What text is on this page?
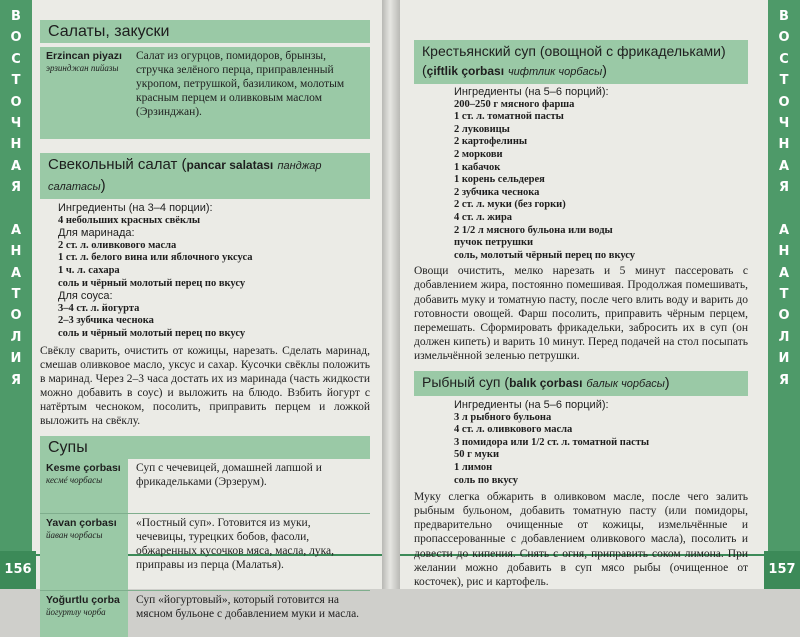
В
О
С
Т
О
Ч
Н
А
Я
А
Н
А
Т
О
Л
И
Я
156
Салаты, закуски
Erzincan piyazı
эрзинджан пийазы
Салат из огурцов, помидоров, брынзы, стручка зелёного перца, приправленный укропом, петрушкой, базиликом, молотым красным перцем и оливковым маслом (Эрзинджан).
Свекольный салат (pancar salatası панджар салатасы)
Ингредиенты (на 3–4 порции):
4 небольших красных свёклы
Для маринада:
2 ст. л. оливкового масла
1 ст. л. белого вина или яблочного уксуса
1 ч. л. сахара
соль и чёрный молотый перец по вкусу
Для соуса:
3–4 ст. л. йогурта
2–3 зубчика чеснока
соль и чёрный молотый перец по вкусу

Свёклу сварить, очистить от кожицы, нарезать. Сделать маринад, смешав оливковое масло, уксус и сахар. Кусочки свёклы положить в маринад. Через 2–3 часа достать их из маринада (часть жидкости можно добавить в соус) и выложить на блюдо. Взбить йогурт с натёртым чесноком, посолить, приправить перцем и ложкой выложить на свёклу.

Супы
Kesme çorbası
кесмé чорбасы
Суп с чечевицей, домашней лапшой и фрикадельками (Эрзерум).
Yavan çorbası
йаван чорбасы
«Постный суп». Готовится из муки, чечевицы, турецких бобов, фасоли, обжаренных кусочков мяса, масла, лука, приправы из перца (Малатья).
Yoğurtlu çorba
йогуртлу чорба
Суп «йогуртовый», который готовится на мясном бульоне с добавлением муки и масла.
В
О
С
Т
О
Ч
Н
А
Я
А
Н
А
Т
О
Л
И
Я
157
Крестьянский суп (овощной с фрикадельками)
(çiftlik çorbası чифтлик чорбасы)
Ингредиенты (на 5–6 порций):
200–250 г мясного фарша
1 ст. л. томатной пасты
2 луковицы
2 картофелины
2 моркови
1 кабачок
1 корень сельдерея
2 зубчика чеснока
2 ст. л. муки (без горки)
4 ст. л. жира
2 1/2 л мясного бульона или воды
пучок петрушки
соль, молотый чёрный перец по вкусу

Овощи очистить, мелко нарезать и 5 минут пассеровать с добавлением жира, постоянно помешивая. Продолжая помешивать, добавить муку и томатную пасту, после чего влить воду и варить до готовности овощей. Фарш посолить, приправить чёрным перцем, перемешать. Сформировать фрикадельки, забросить их в суп (он должен кипеть) и варить 10 минут. Перед подачей на стол посыпать измельчённой зеленью петрушки.

Рыбный суп (balık çorbası балык чорбасы)
Ингредиенты (на 5–6 порций):
3 л рыбного бульона
4 ст. л. оливкового масла
3 помидора или 1/2 ст. л. томатной пасты
50 г муки
1 лимон
соль по вкусу

Муку слегка обжарить в оливковом масле, после чего залить рыбным бульоном, добавить томатную пасту (или помидоры, предварительно очищенные от кожицы, измельчённые и пропассерованные с добавлением оливкового масла), посолить и довести до кипения. Снять с огня, приправить соком лимона. При желании можно добавить в суп мясо рыбы (очищенное от косточек), рис и картофель.
